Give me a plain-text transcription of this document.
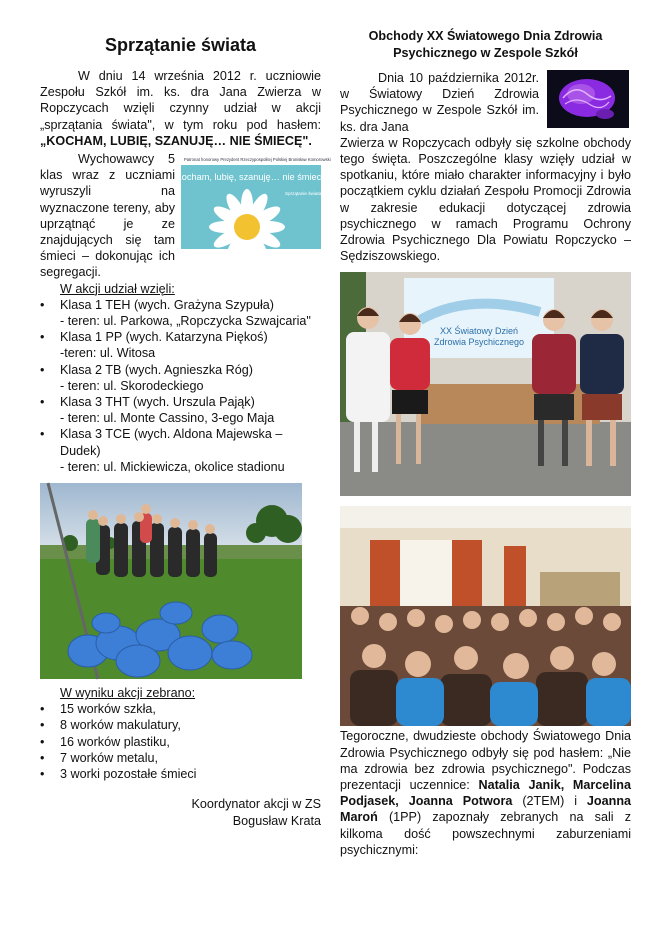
Sprzątanie świata

W dniu 14 września 2012 r. uczniowie Zespołu Szkół im. ks. dra Jana Zwierza w Ropczycach wzięli czynny udział w akcji „sprzątania świata", w tym roku pod hasłem: „KOCHAM, LUBIĘ, SZANUJĘ… NIE ŚMIECĘ".

Patronat honorowy Prezydent Rzeczypospolitej Polskiej Bronisław Komorowski
Kocham, lubię, szanuję… nie śmiecę
Sprzątanie świata Polska 2012

Wychowawcy 5 klas wraz z uczniami wyruszyli na wyznaczone tereny, aby uprzątnąć je ze znajdujących się tam śmieci – dokonując ich segregacji.

W akcji udział wzięli:
• Klasa 1 TEH (wych. Grażyna Szypuła)
- teren: ul. Parkowa, „Ropczycka Szwajcaria"
• Klasa 1 PP (wych. Katarzyna Piękoś)
-teren: ul. Witosa
• Klasa 2 TB (wych. Agnieszka Róg)
- teren: ul. Skorodeckiego
• Klasa 3 THT (wych. Urszula Pająk)
- teren: ul. Monte Cassino, 3-ego Maja
• Klasa 3 TCE (wych. Aldona Majewska – Dudek)
- teren: ul. Mickiewicza, okolice stadionu
W wyniku akcji zebrano:
• 15 worków szkła,
• 8 worków makulatury,
• 16 worków plastiku,
• 7 worków metalu,
• 3 worki pozostałe śmieci
Koordynator akcji w ZS
Bogusław Krata
Obchody XX Światowego Dnia Zdrowia
Psychicznego w Zespole Szkół

Dnia 10 października 2012r. w Światowy Dzień Zdrowia Psychicznego w Zespole Szkół im. ks. dra Jana

Zwierza w Ropczycach odbyły się szkolne obchody tego święta. Poszczególne klasy wzięły udział w spotkaniu, które miało charakter informacyjny i było początkiem cyklu działań Zespołu Promocji Zdrowia w zakresie edukacji dotyczącej zdrowia psychicznego w ramach Programu Ochrony Zdrowia Psychicznego Dla Powiatu Ropczycko – Sędziszowskiego.

XX Światowy Dzień
Zdrowia Psychicznego

Tegoroczne, dwudzieste obchody Światowego Dnia Zdrowia Psychicznego odbyły się pod hasłem: „Nie ma zdrowia bez zdrowia psychicznego". Podczas prezentacji uczennice: Natalia Janik, Marcelina Podjasek, Joanna Potwora (2TEM) i Joanna Maroń (1PP) zapoznały zebranych na sali z kilkoma dość powszechnymi zaburzeniami psychicznymi:
